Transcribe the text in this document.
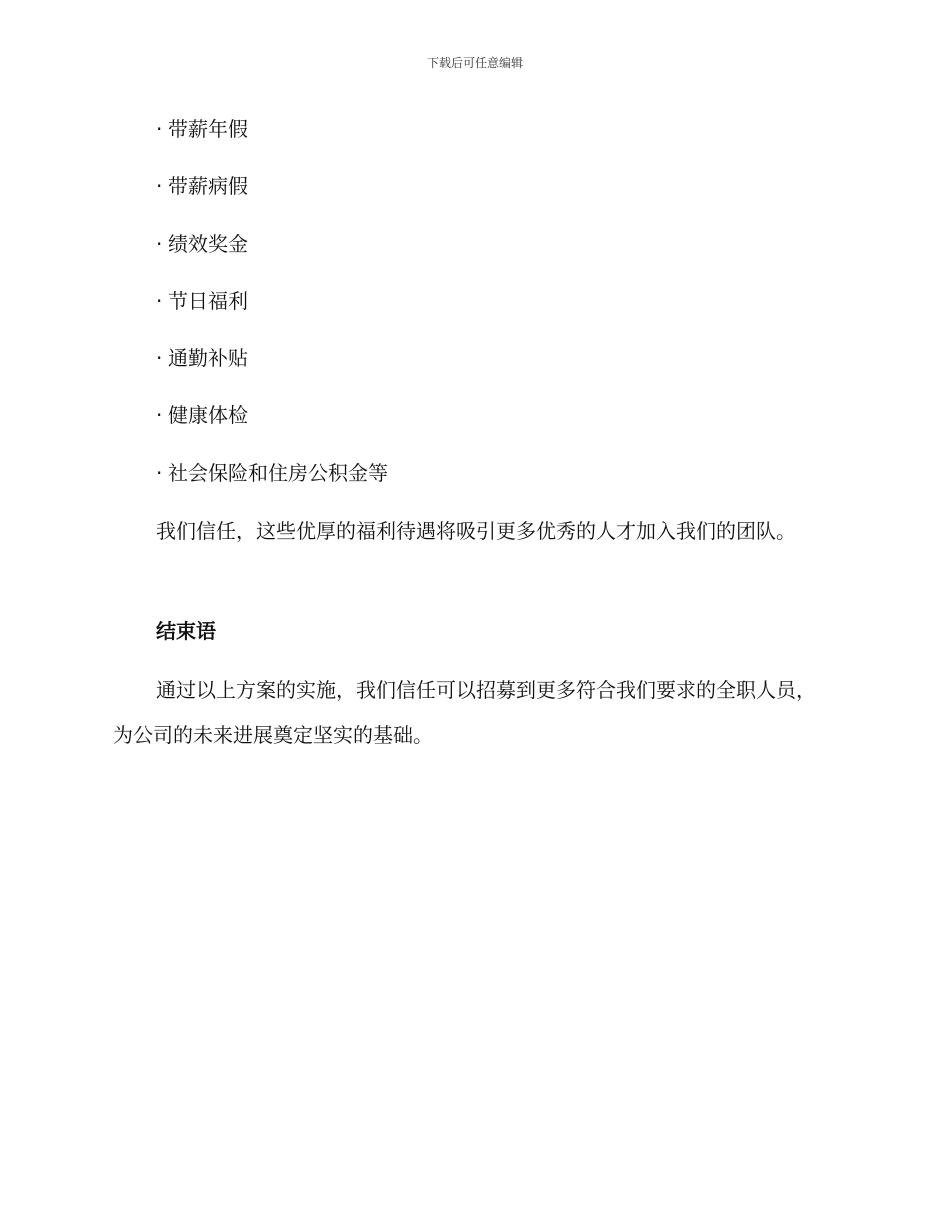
下载后可任意编辑
· 带薪年假
· 带薪病假
· 绩效奖金
· 节日福利
· 通勤补贴
· 健康体检
· 社会保险和住房公积金等

我们信任，这些优厚的福利待遇将吸引更多优秀的人才加入我们的团队。

结束语

通过以上方案的实施，我们信任可以招募到更多符合我们要求的全职人员，为公司的未来进展奠定坚实的基础。
